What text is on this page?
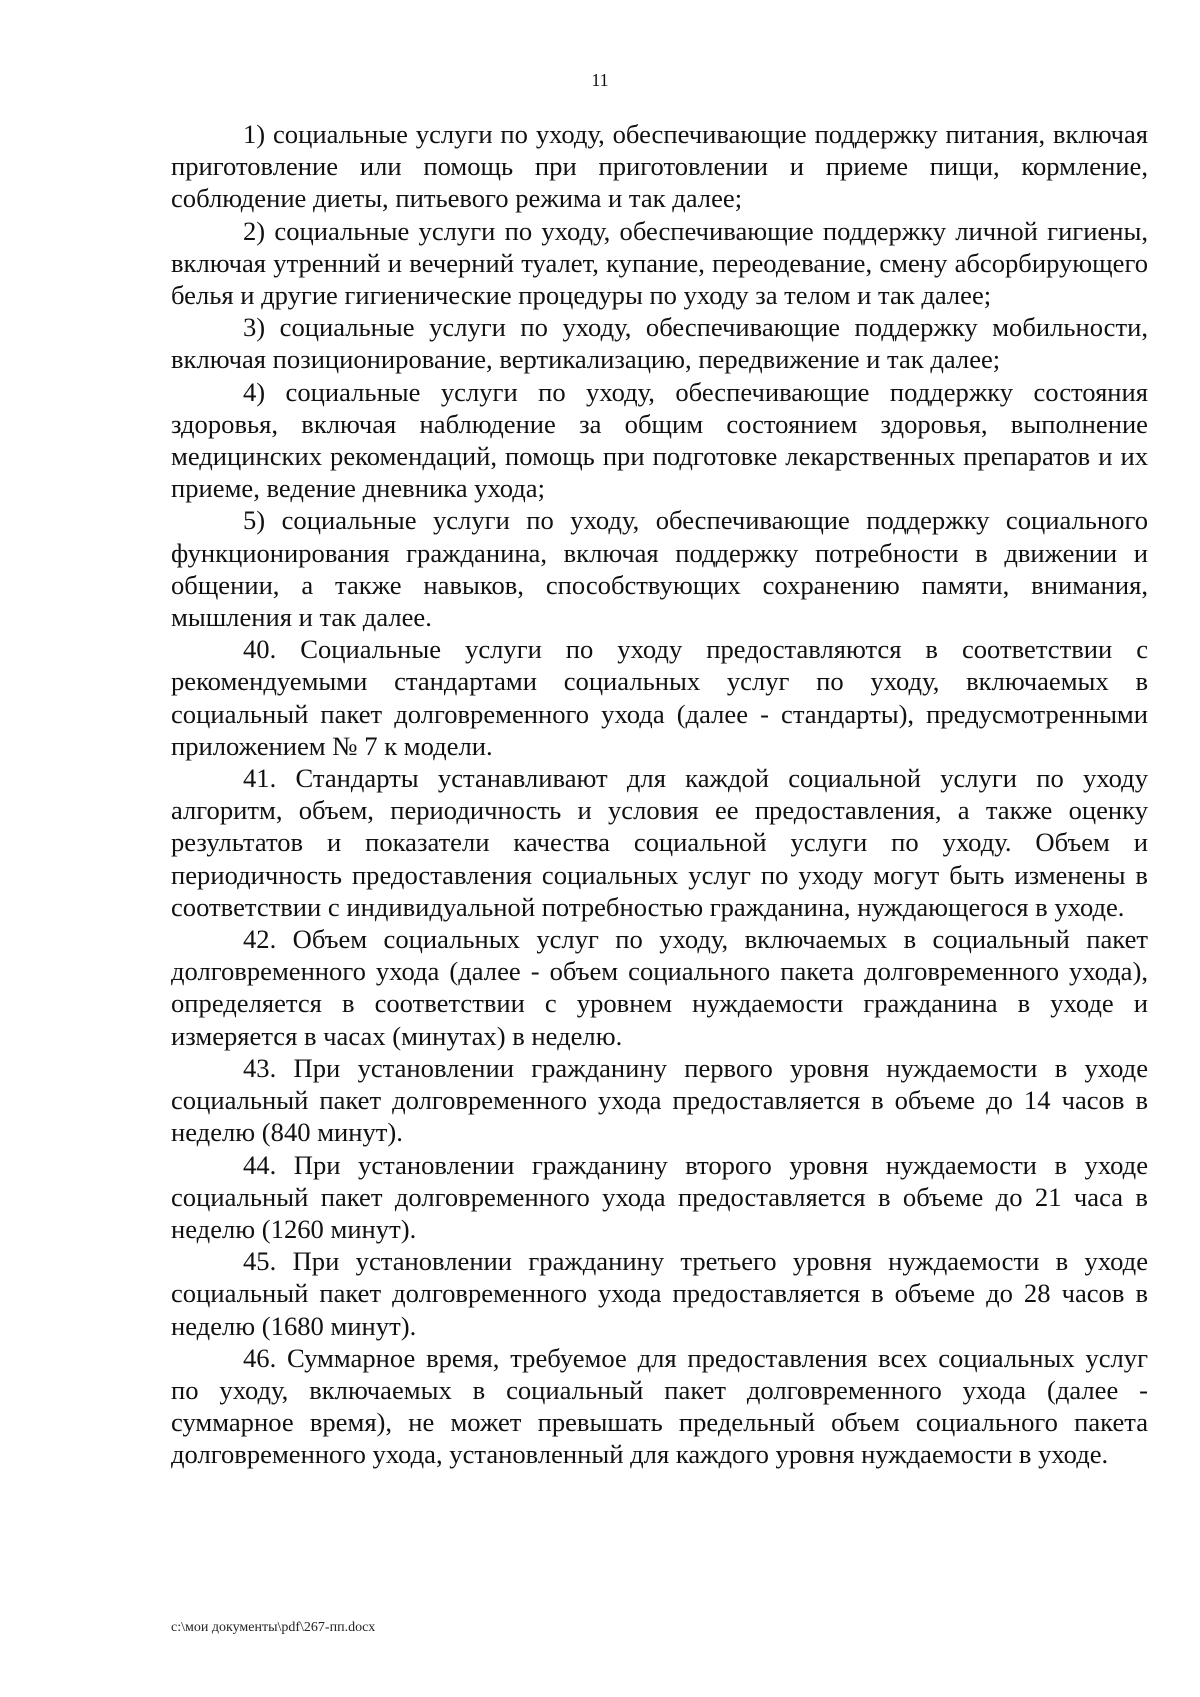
11

1) социальные услуги по уходу, обеспечивающие поддержку питания, включая приготовление или помощь при приготовлении и приеме пищи, кормление, соблюдение диеты, питьевого режима и так далее;

2) социальные услуги по уходу, обеспечивающие поддержку личной гигиены, включая утренний и вечерний туалет, купание, переодевание, смену абсорбирующего белья и другие гигиенические процедуры по уходу за телом и так далее;

3) социальные услуги по уходу, обеспечивающие поддержку мобильности, включая позиционирование, вертикализацию, передвижение и так далее;

4) социальные услуги по уходу, обеспечивающие поддержку состояния здоровья, включая наблюдение за общим состоянием здоровья, выполнение медицинских рекомендаций, помощь при подготовке лекарственных препаратов и их приеме, ведение дневника ухода;

5) социальные услуги по уходу, обеспечивающие поддержку социального функционирования гражданина, включая поддержку потребности в движении и общении, а также навыков, способствующих сохранению памяти, внимания, мышления и так далее.

40. Социальные услуги по уходу предоставляются в соответствии с рекомендуемыми стандартами социальных услуг по уходу, включаемых в социальный пакет долговременного ухода (далее - стандарты), предусмотренными приложением № 7 к модели.

41. Стандарты устанавливают для каждой социальной услуги по уходу алгоритм, объем, периодичность и условия ее предоставления, а также оценку результатов и показатели качества социальной услуги по уходу. Объем и периодичность предоставления социальных услуг по уходу могут быть изменены в соответствии с индивидуальной потребностью гражданина, нуждающегося в уходе.

42. Объем социальных услуг по уходу, включаемых в социальный пакет долговременного ухода (далее - объем социального пакета долговременного ухода), определяется в соответствии с уровнем нуждаемости гражданина в уходе и измеряется в часах (минутах) в неделю.

43. При установлении гражданину первого уровня нуждаемости в уходе социальный пакет долговременного ухода предоставляется в объеме до 14 часов в неделю (840 минут).

44. При установлении гражданину второго уровня нуждаемости в уходе социальный пакет долговременного ухода предоставляется в объеме до 21 часа в неделю (1260 минут).

45. При установлении гражданину третьего уровня нуждаемости в уходе социальный пакет долговременного ухода предоставляется в объеме до 28 часов в неделю (1680 минут).

46. Суммарное время, требуемое для предоставления всех социальных услуг по уходу, включаемых в социальный пакет долговременного ухода (далее - суммарное время), не может превышать предельный объем социального пакета долговременного ухода, установленный для каждого уровня нуждаемости в уходе.

c:\мои документы\pdf\267-пп.docx
